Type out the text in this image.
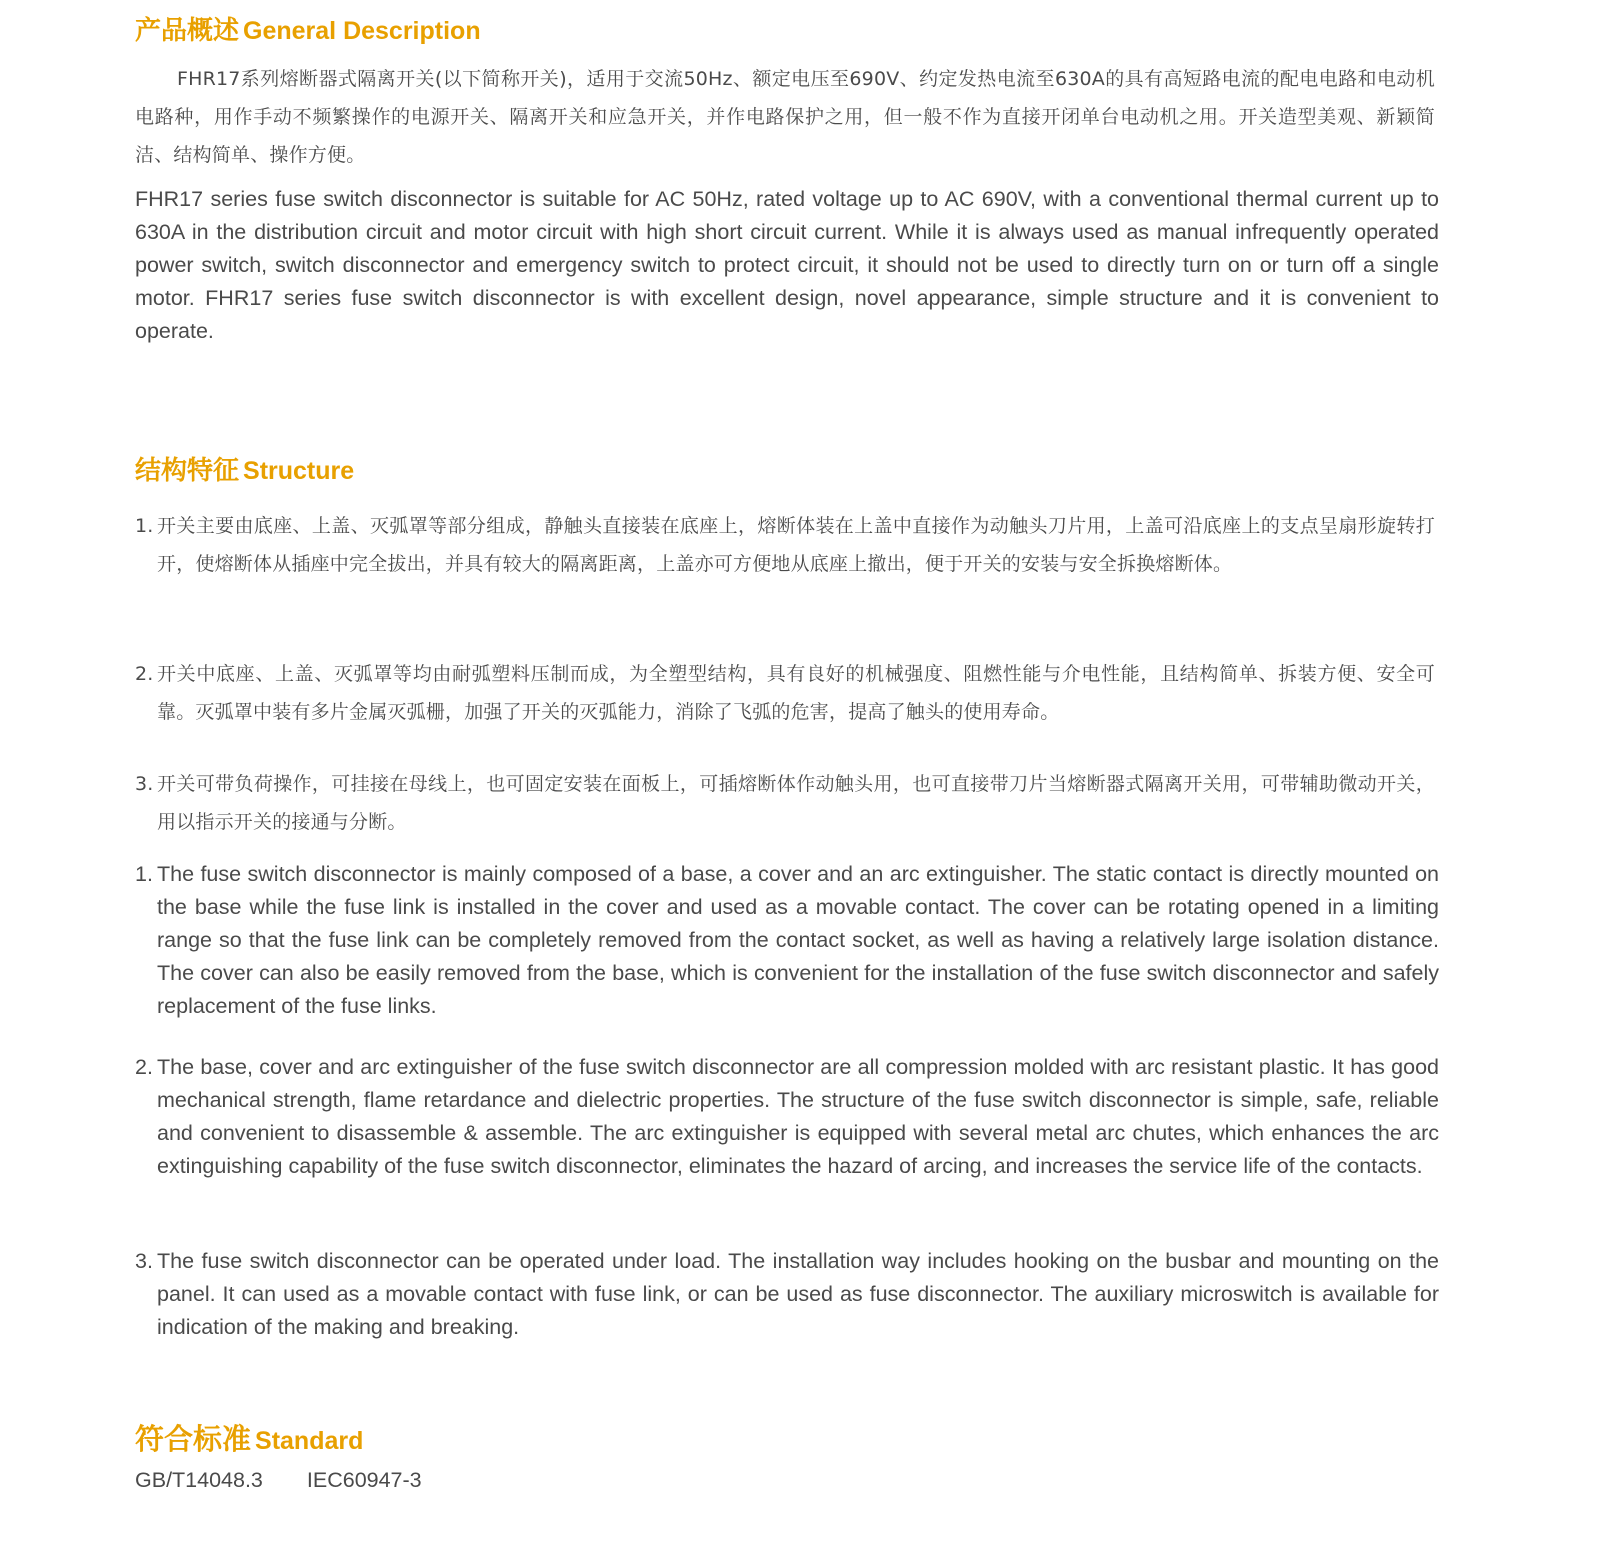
产品概述 General Description

FHR17系列熔断器式隔离开关(以下简称开关)，适用于交流50Hz、额定电压至690V、约定发热电流至630A的具有高短路电流的配电电路和电动机电路种，用作手动不频繁操作的电源开关、隔离开关和应急开关，并作电路保护之用，但一般不作为直接开闭单台电动机之用。开关造型美观、新颖简洁、结构简单、操作方便。

FHR17 series fuse switch disconnector is suitable for AC 50Hz, rated voltage up to AC 690V, with a conventional thermal current up to 630A in the distribution circuit and motor circuit with high short circuit current. While it is always used as manual infrequently operated power switch, switch disconnector and emergency switch to protect circuit, it should not be used to directly turn on or turn off a single motor. FHR17 series fuse switch disconnector is with excellent design, novel appearance, simple structure and it is convenient to operate.

结构特征 Structure
1. 开关主要由底座、上盖、灭弧罩等部分组成，静触头直接装在底座上，熔断体装在上盖中直接作为动触头刀片用，上盖可沿底座上的支点呈扇形旋转打开，使熔断体从插座中完全拔出，并具有较大的隔离距离，上盖亦可方便地从底座上撤出，便于开关的安装与安全拆换熔断体。
2. 开关中底座、上盖、灭弧罩等均由耐弧塑料压制而成，为全塑型结构，具有良好的机械强度、阻燃性能与介电性能，且结构简单、拆装方便、安全可靠。灭弧罩中装有多片金属灭弧栅，加强了开关的灭弧能力，消除了飞弧的危害，提高了触头的使用寿命。
3. 开关可带负荷操作，可挂接在母线上，也可固定安装在面板上，可插熔断体作动触头用，也可直接带刀片当熔断器式隔离开关用，可带辅助微动开关，用以指示开关的接通与分断。
1. The fuse switch disconnector is mainly composed of a base, a cover and an arc extinguisher. The static contact is directly mounted on the base while the fuse link is installed in the cover and used as a movable contact. The cover can be rotating opened in a limiting range so that the fuse link can be completely removed from the contact socket, as well as having a relatively large isolation distance. The cover can also be easily removed from the base, which is convenient for the installation of the fuse switch disconnector and safely replacement of the fuse links.
2. The base, cover and arc extinguisher of the fuse switch disconnector are all compression molded with arc resistant plastic. It has good mechanical strength, flame retardance and dielectric properties. The structure of the fuse switch disconnector is simple, safe, reliable and convenient to disassemble & assemble. The arc extinguisher is equipped with several metal arc chutes, which enhances the arc extinguishing capability of the fuse switch disconnector, eliminates the hazard of arcing, and increases the service life of the contacts.
3. The fuse switch disconnector can be operated under load. The installation way includes hooking on the busbar and mounting on the panel. It can used as a movable contact with fuse link, or can be used as fuse disconnector. The auxiliary microswitch is available for indication of the making and breaking.
符合标准 Standard
GB/T14048.3 IEC60947-3
